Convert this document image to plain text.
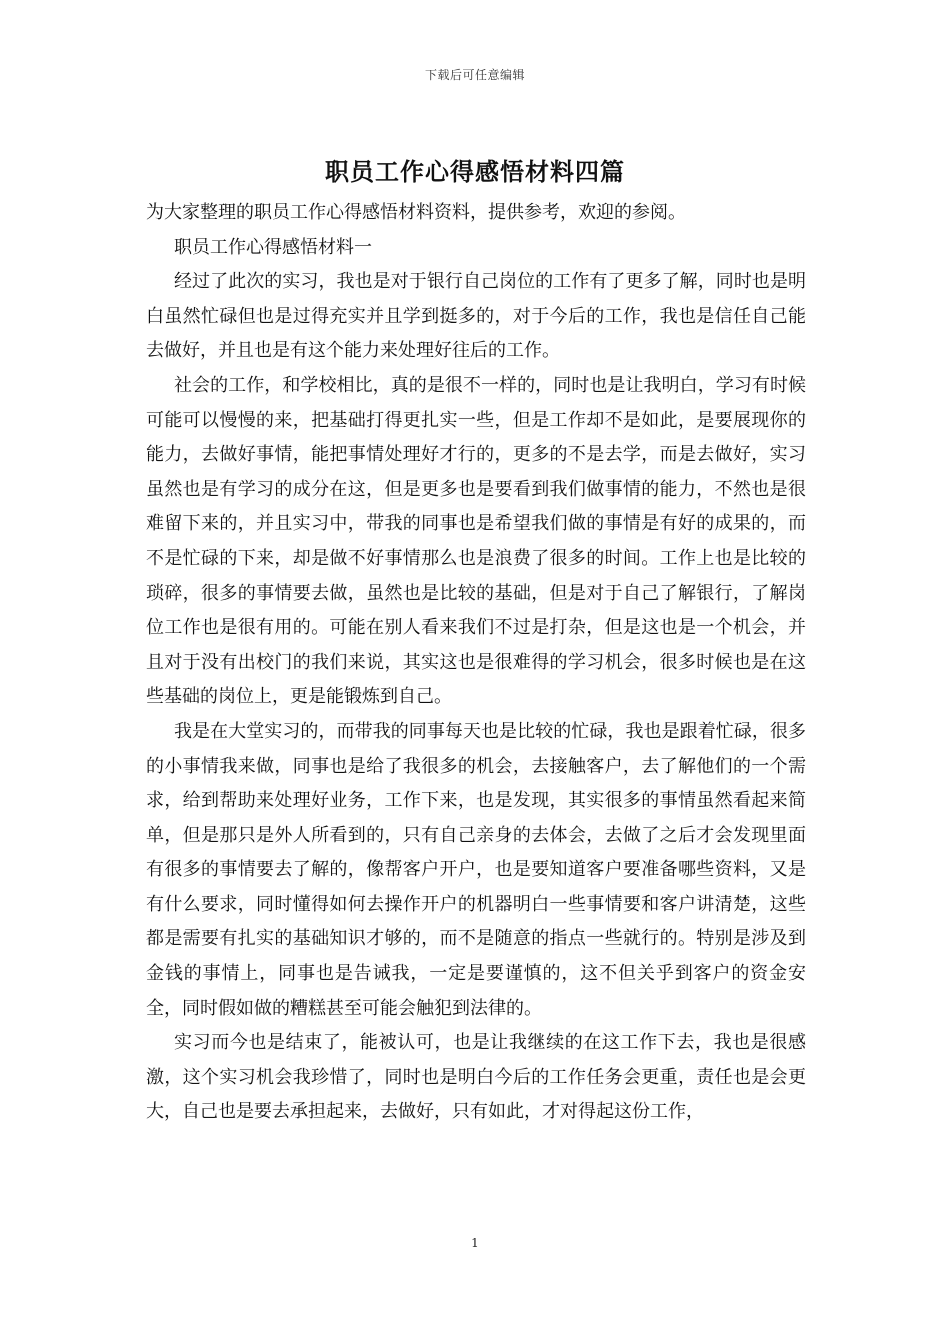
下载后可任意编辑
职员工作心得感悟材料四篇

为大家整理的职员工作心得感悟材料资料，提供参考，欢迎的参阅。

职员工作心得感悟材料一

经过了此次的实习，我也是对于银行自己岗位的工作有了更多了解，同时也是明白虽然忙碌但也是过得充实并且学到挺多的，对于今后的工作，我也是信任自己能去做好，并且也是有这个能力来处理好往后的工作。

社会的工作，和学校相比，真的是很不一样的，同时也是让我明白，学习有时候可能可以慢慢的来，把基础打得更扎实一些，但是工作却不是如此，是要展现你的能力，去做好事情，能把事情处理好才行的，更多的不是去学，而是去做好，实习虽然也是有学习的成分在这，但是更多也是要看到我们做事情的能力，不然也是很难留下来的，并且实习中，带我的同事也是希望我们做的事情是有好的成果的，而不是忙碌的下来，却是做不好事情那么也是浪费了很多的时间。工作上也是比较的琐碎，很多的事情要去做，虽然也是比较的基础，但是对于自己了解银行，了解岗位工作也是很有用的。可能在别人看来我们不过是打杂，但是这也是一个机会，并且对于没有出校门的我们来说，其实这也是很难得的学习机会，很多时候也是在这些基础的岗位上，更是能锻炼到自己。

我是在大堂实习的，而带我的同事每天也是比较的忙碌，我也是跟着忙碌，很多的小事情我来做，同事也是给了我很多的机会，去接触客户，去了解他们的一个需求，给到帮助来处理好业务，工作下来，也是发现，其实很多的事情虽然看起来简单，但是那只是外人所看到的，只有自己亲身的去体会，去做了之后才会发现里面有很多的事情要去了解的，像帮客户开户，也是要知道客户要准备哪些资料，又是有什么要求，同时懂得如何去操作开户的机器明白一些事情要和客户讲清楚，这些都是需要有扎实的基础知识才够的，而不是随意的指点一些就行的。特别是涉及到金钱的事情上，同事也是告诫我，一定是要谨慎的，这不但关乎到客户的资金安全，同时假如做的糟糕甚至可能会触犯到法律的。

实习而今也是结束了，能被认可，也是让我继续的在这工作下去，我也是很感激，这个实习机会我珍惜了，同时也是明白今后的工作任务会更重，责任也是会更大，自己也是要去承担起来，去做好，只有如此，才对得起这份工作，

1
